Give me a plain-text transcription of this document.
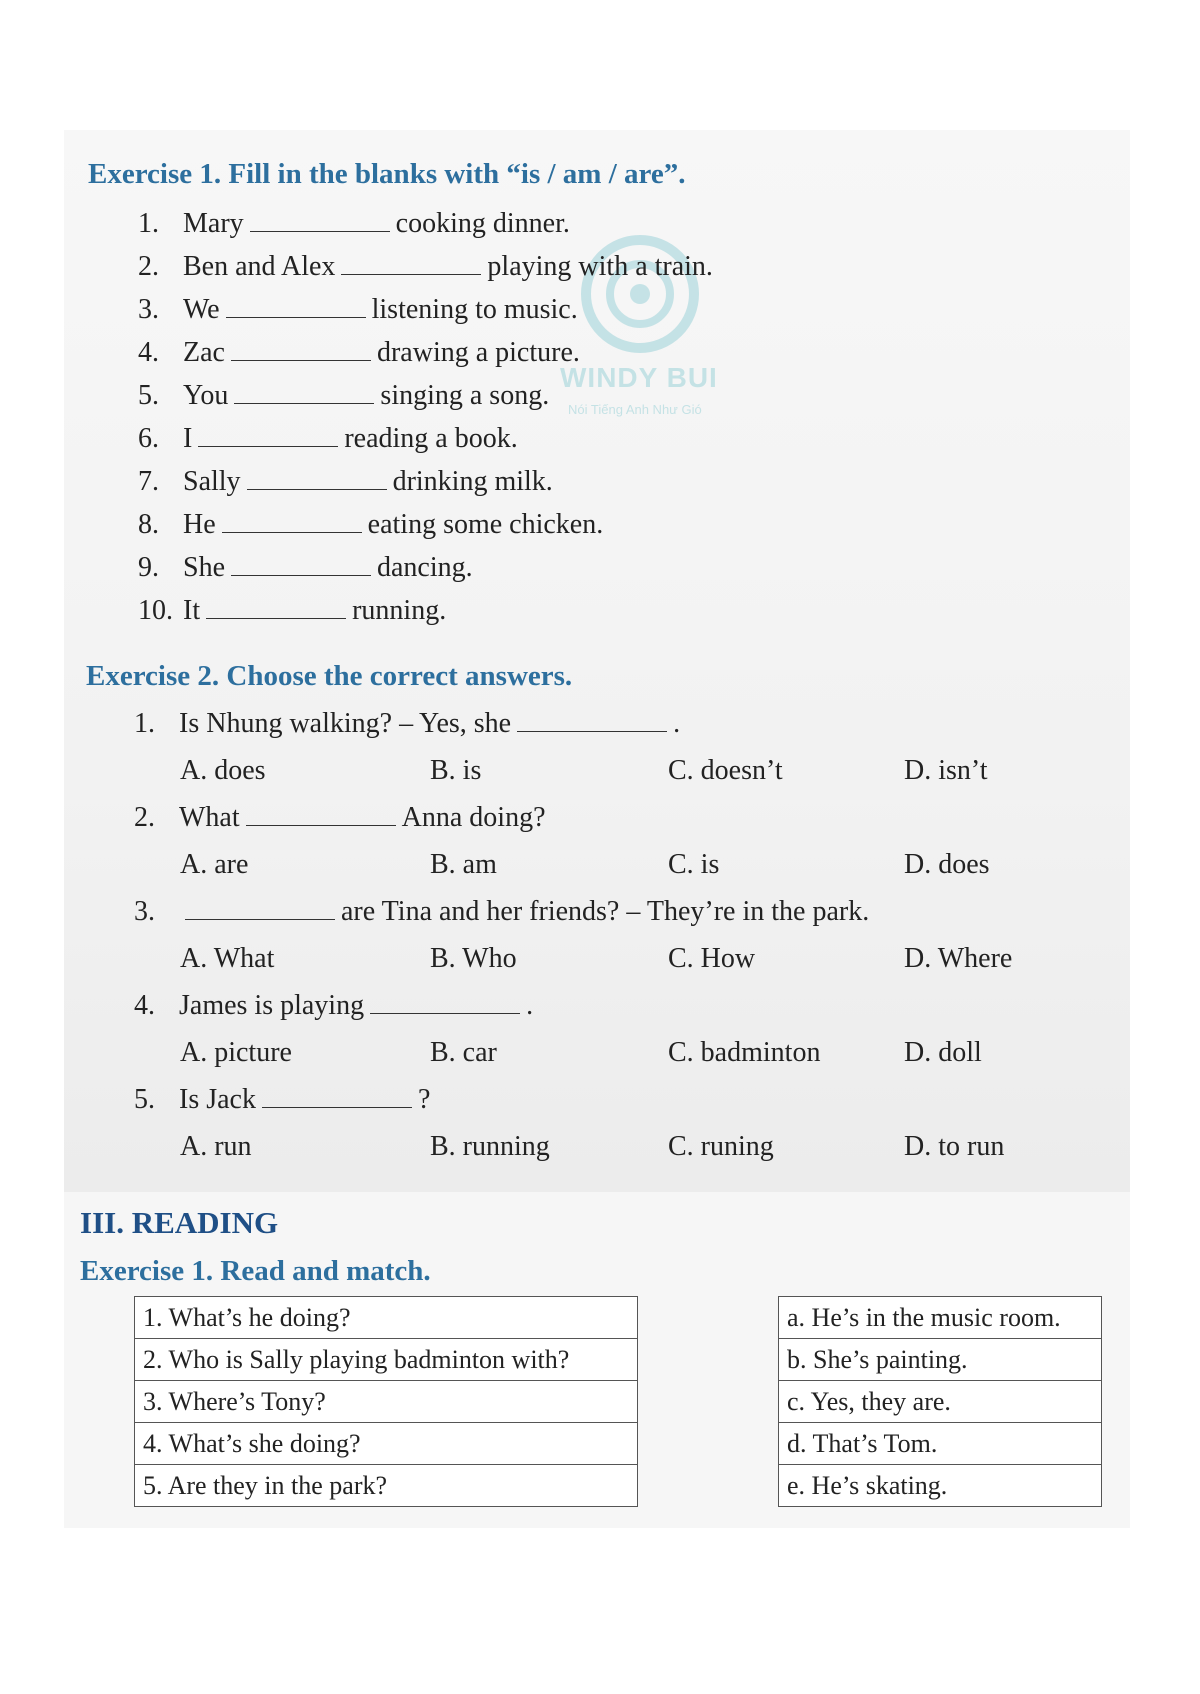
WINDY BUI
Nói Tiếng Anh Như Gió
Exercise 1. Fill in the blanks with “is / am / are”.
1. Mary	cooking dinner.
2. Ben and Alex	playing with a train.
3. We	listening to music.
4. Zac	drawing a picture.
5. You	singing a song.
6. I	reading a book.
7. Sally	drinking milk.
8. He	eating some chicken.
9. She	dancing.
10. It	running.
Exercise 2. Choose the correct answers.
1. Is Nhung walking? – Yes, she	.
A. does	B. is	C. doesn’t	D. isn’t
2. What	Anna doing?
A. are	B. am	C. is	D. does
3.	are Tina and her friends? – They’re in the park.
A. What	B. Who	C. How	D. Where
4. James is playing	.
A. picture	B. car	C. badminton	D. doll
5. Is Jack	?
A. run	B. running	C. runing	D. to run
III. READING
Exercise 1. Read and match.
1. What’s he doing?
2. Who is Sally playing badminton with?
3. Where’s Tony?
4. What’s she doing?
5. Are they in the park?
a. He’s in the music room.
b. She’s painting.
c. Yes, they are.
d. That’s Tom.
e. He’s skating.
